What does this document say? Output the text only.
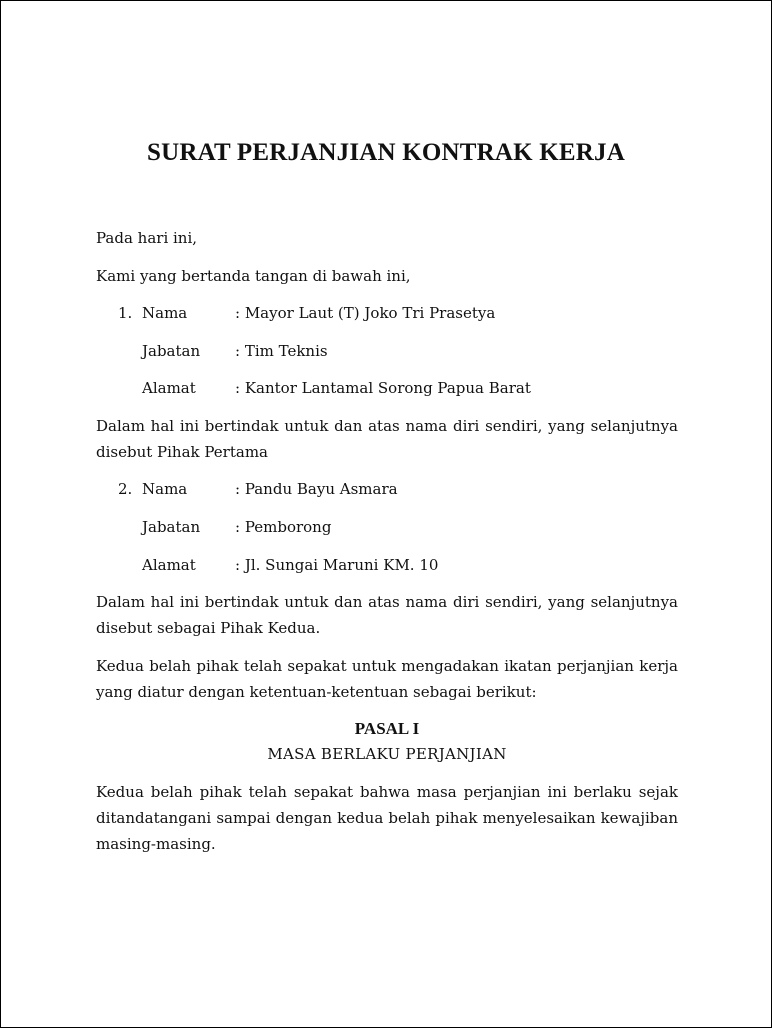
SURAT PERJANJIAN KONTRAK KERJA
Pada hari ini,
Kami yang bertanda tangan di bawah ini,
1. Nama	: Mayor Laut (T) Joko Tri Prasetya
Jabatan : Tim Teknis
Alamat	: Kantor Lantamal Sorong Papua Barat
Dalam hal ini bertindak untuk dan atas nama diri sendiri, yang selanjutnya disebut Pihak Pertama
2. Nama	: Pandu Bayu Asmara
Jabatan : Pemborong
Alamat	: Jl. Sungai Maruni KM. 10
Dalam hal ini bertindak untuk dan atas nama diri sendiri, yang selanjutnya disebut sebagai Pihak Kedua.
Kedua belah pihak telah sepakat untuk mengadakan ikatan perjanjian kerja yang diatur dengan ketentuan-ketentuan sebagai berikut:
PASAL I
MASA BERLAKU PERJANJIAN
Kedua belah pihak telah sepakat bahwa masa perjanjian ini berlaku sejak ditandatangani sampai dengan kedua belah pihak menyelesaikan kewajiban masing-masing.
